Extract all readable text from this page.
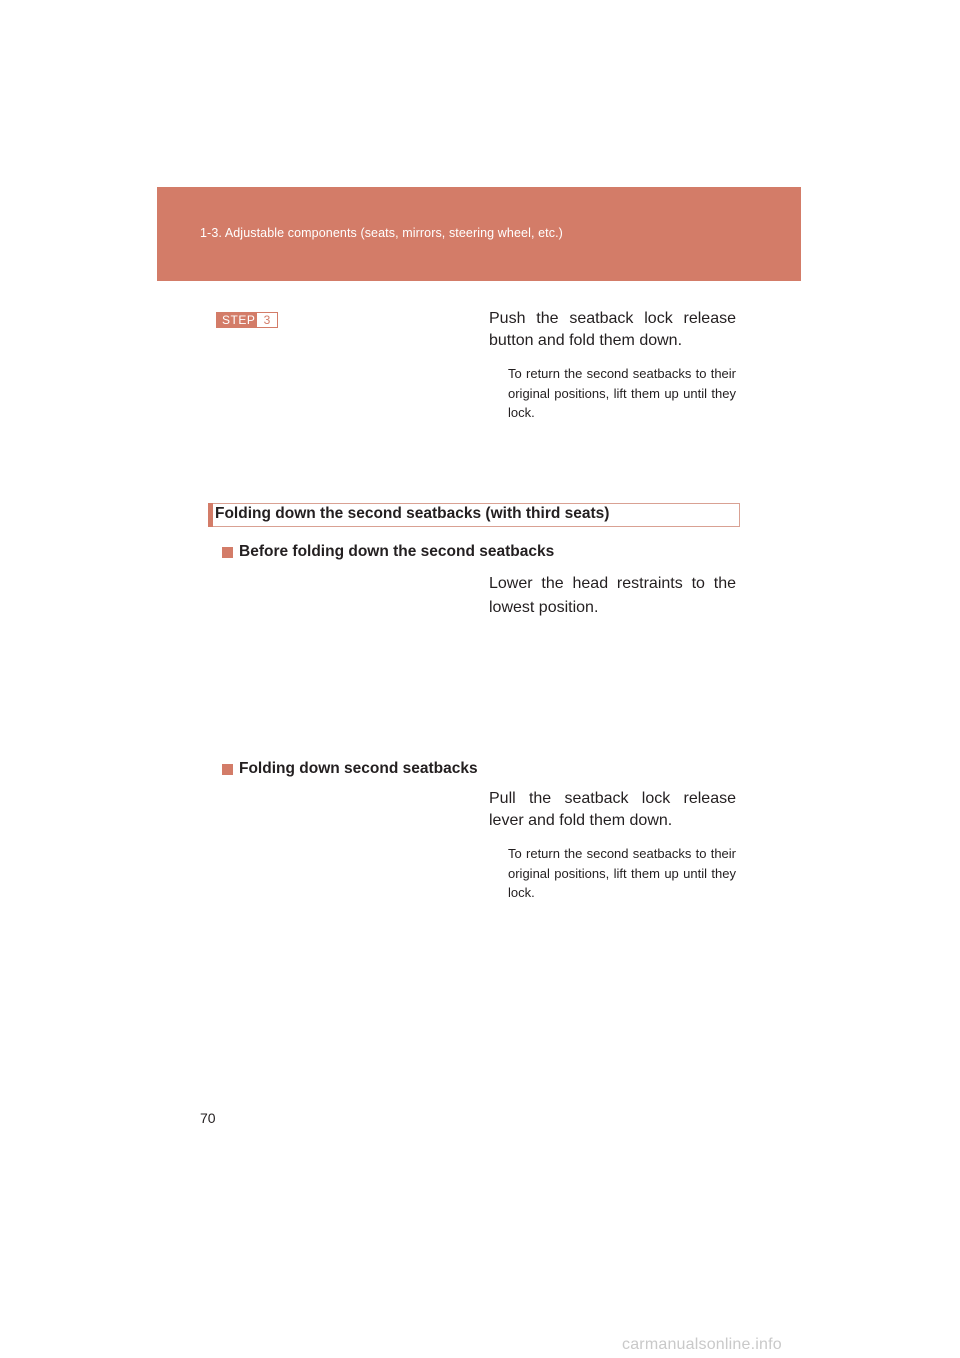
1-3. Adjustable components (seats, mirrors, steering wheel, etc.)
STEP 3	Push the seatback lock release button and fold them down.
To return the second seatbacks to their original positions, lift them up until they lock.
Folding down the second seatbacks (with third seats)
Before folding down the second seatbacks
Lower the head restraints to the lowest position.
Folding down second seatbacks
Pull the seatback lock release lever and fold them down.
To return the second seatbacks to their original positions, lift them up until they lock.
70
carmanualsonline.info
